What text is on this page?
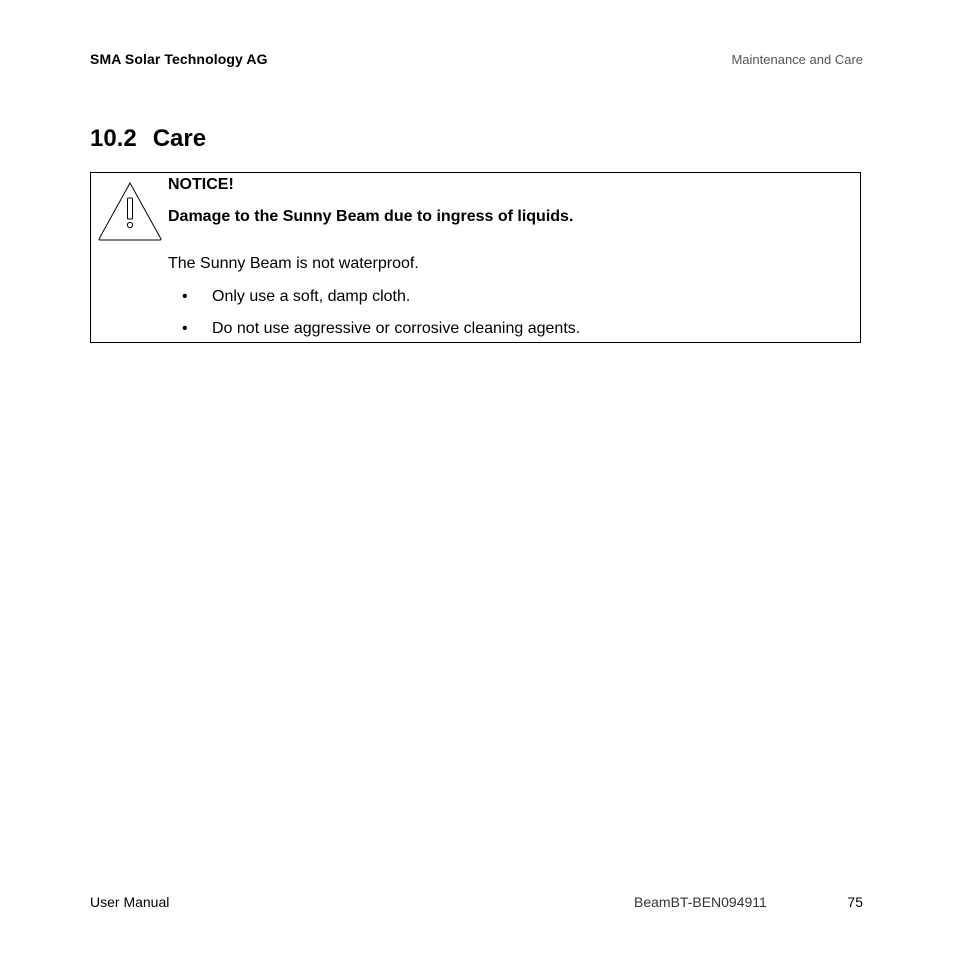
SMA Solar Technology AG	Maintenance and Care
10.2 Care
NOTICE!
Damage to the Sunny Beam due to ingress of liquids.
The Sunny Beam is not waterproof.
• Only use a soft, damp cloth.
• Do not use aggressive or corrosive cleaning agents.
User Manual	BeamBT-BEN094911	75
